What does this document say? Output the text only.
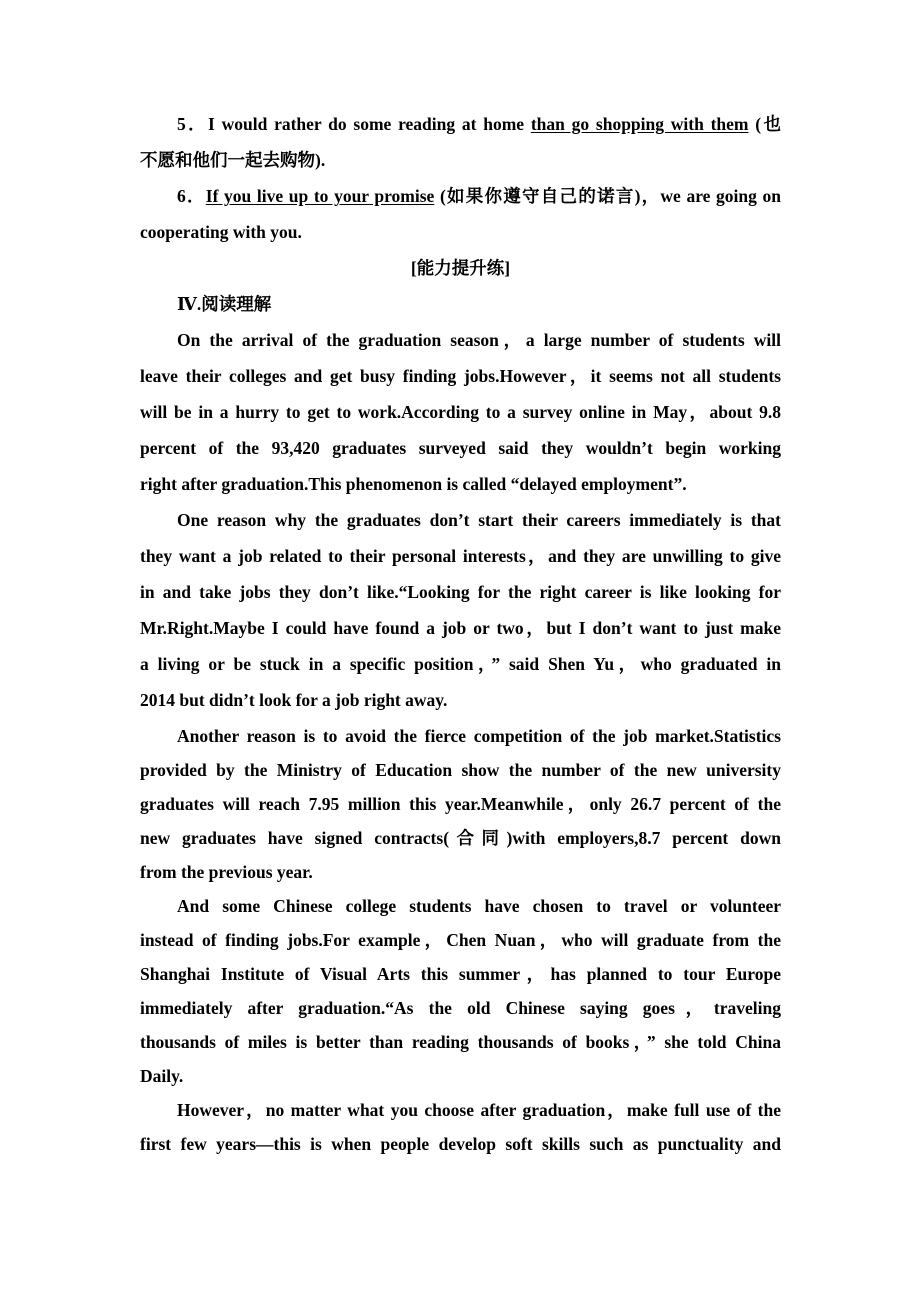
5．I would rather do some reading at home than go shopping with them (也
不愿和他们一起去购物).
6．If you live up to your promise (如果你遵守自己的诺言)，we are going on
cooperating with you.
[能力提升练]
Ⅳ.阅读理解
On the arrival of the graduation season，a large number of students will
leave their colleges and get busy finding jobs.However，it seems not all students
will be in a hurry to get to work.According to a survey online in May，about 9.8
percent of the 93,420 graduates surveyed said they wouldn’t begin working
right after graduation.This phenomenon is called “delayed employment”.
One reason why the graduates don’t start their careers immediately is that
they want a job related to their personal interests，and they are unwilling to give
in and take jobs they don’t like.“Looking for the right career is like looking for
Mr.Right.Maybe I could have found a job or two，but I don’t want to just make
a living or be stuck in a specific position，” said Shen Yu，who graduated in
2014 but didn’t look for a job right away.
Another reason is to avoid the fierce competition of the job market.Statistics
provided by the Ministry of Education show the number of the new university
graduates will reach 7.95 million this year.Meanwhile，only 26.7 percent of the
new graduates have signed contracts(合同)with employers,8.7 percent down
from the previous year.
And some Chinese college students have chosen to travel or volunteer
instead of finding jobs.For example，Chen Nuan，who will graduate from the
Shanghai Institute of Visual Arts this summer，has planned to tour Europe
immediately after graduation.“As the old Chinese saying goes，traveling
thousands of miles is better than reading thousands of books，” she told China
Daily.
However，no matter what you choose after graduation，make full use of the
first few years—this is when people develop soft skills such as punctuality and
